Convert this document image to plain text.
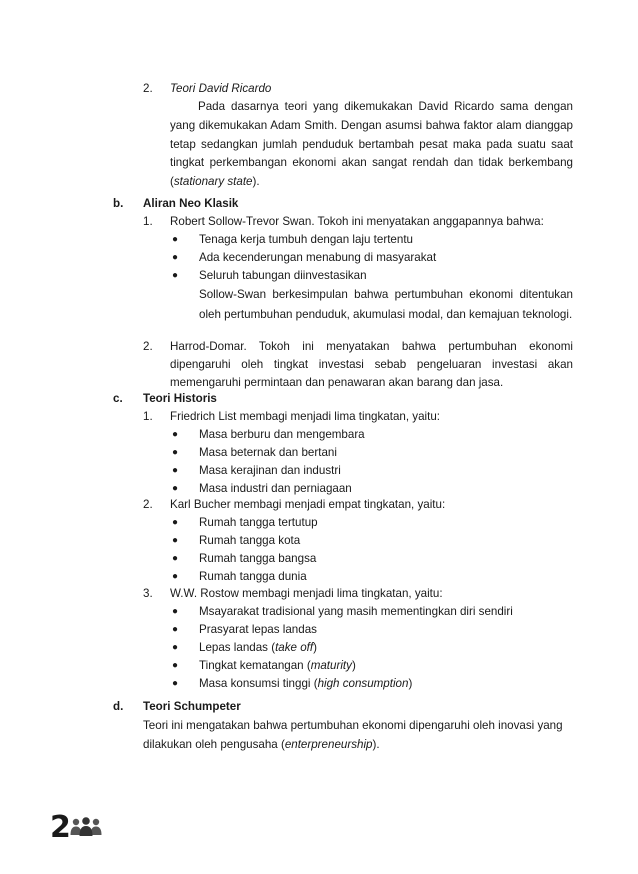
2. Teori David Ricardo
Pada dasarnya teori yang dikemukakan David Ricardo sama dengan yang dikemukakan Adam Smith. Dengan asumsi bahwa faktor alam dianggap tetap sedangkan jumlah penduduk bertambah pesat maka pada suatu saat tingkat perkembangan ekonomi akan sangat rendah dan tidak berkembang (stationary state).
b. Aliran Neo Klasik
1. Robert Sollow-Trevor Swan. Tokoh ini menyatakan anggapannya bahwa:
●	Tenaga kerja tumbuh dengan laju tertentu
●	Ada kecenderungan menabung di masyarakat
●	Seluruh tabungan diinvestasikan
Sollow-Swan berkesimpulan bahwa pertumbuhan ekonomi ditentukan oleh pertumbuhan penduduk, akumulasi modal, dan kemajuan teknologi.
2. Harrod-Domar. Tokoh ini menyatakan bahwa pertumbuhan ekonomi dipengaruhi oleh tingkat investasi sebab pengeluaran investasi akan memengaruhi permintaan dan penawaran akan barang dan jasa.
c. Teori Historis
1. Friedrich List membagi menjadi lima tingkatan, yaitu:
●	Masa berburu dan mengembara
●	Masa beternak dan bertani
●	Masa kerajinan dan industri
●	Masa industri dan perniagaan
2. Karl Bucher membagi menjadi empat tingkatan, yaitu:
●	Rumah tangga tertutup
●	Rumah tangga kota
●	Rumah tangga bangsa
●	Rumah tangga dunia
3. W.W. Rostow membagi menjadi lima tingkatan, yaitu:
●	Msayarakat tradisional yang masih mementingkan diri sendiri
●	Prasyarat lepas landas
●	Lepas landas (take off)
●	Tingkat kematangan (maturity)
●	Masa konsumsi tinggi (high consumption)
d. Teori Schumpeter
Teori ini mengatakan bahwa pertumbuhan ekonomi dipengaruhi oleh inovasi yang dilakukan oleh pengusaha (enterpreneurship).
2
